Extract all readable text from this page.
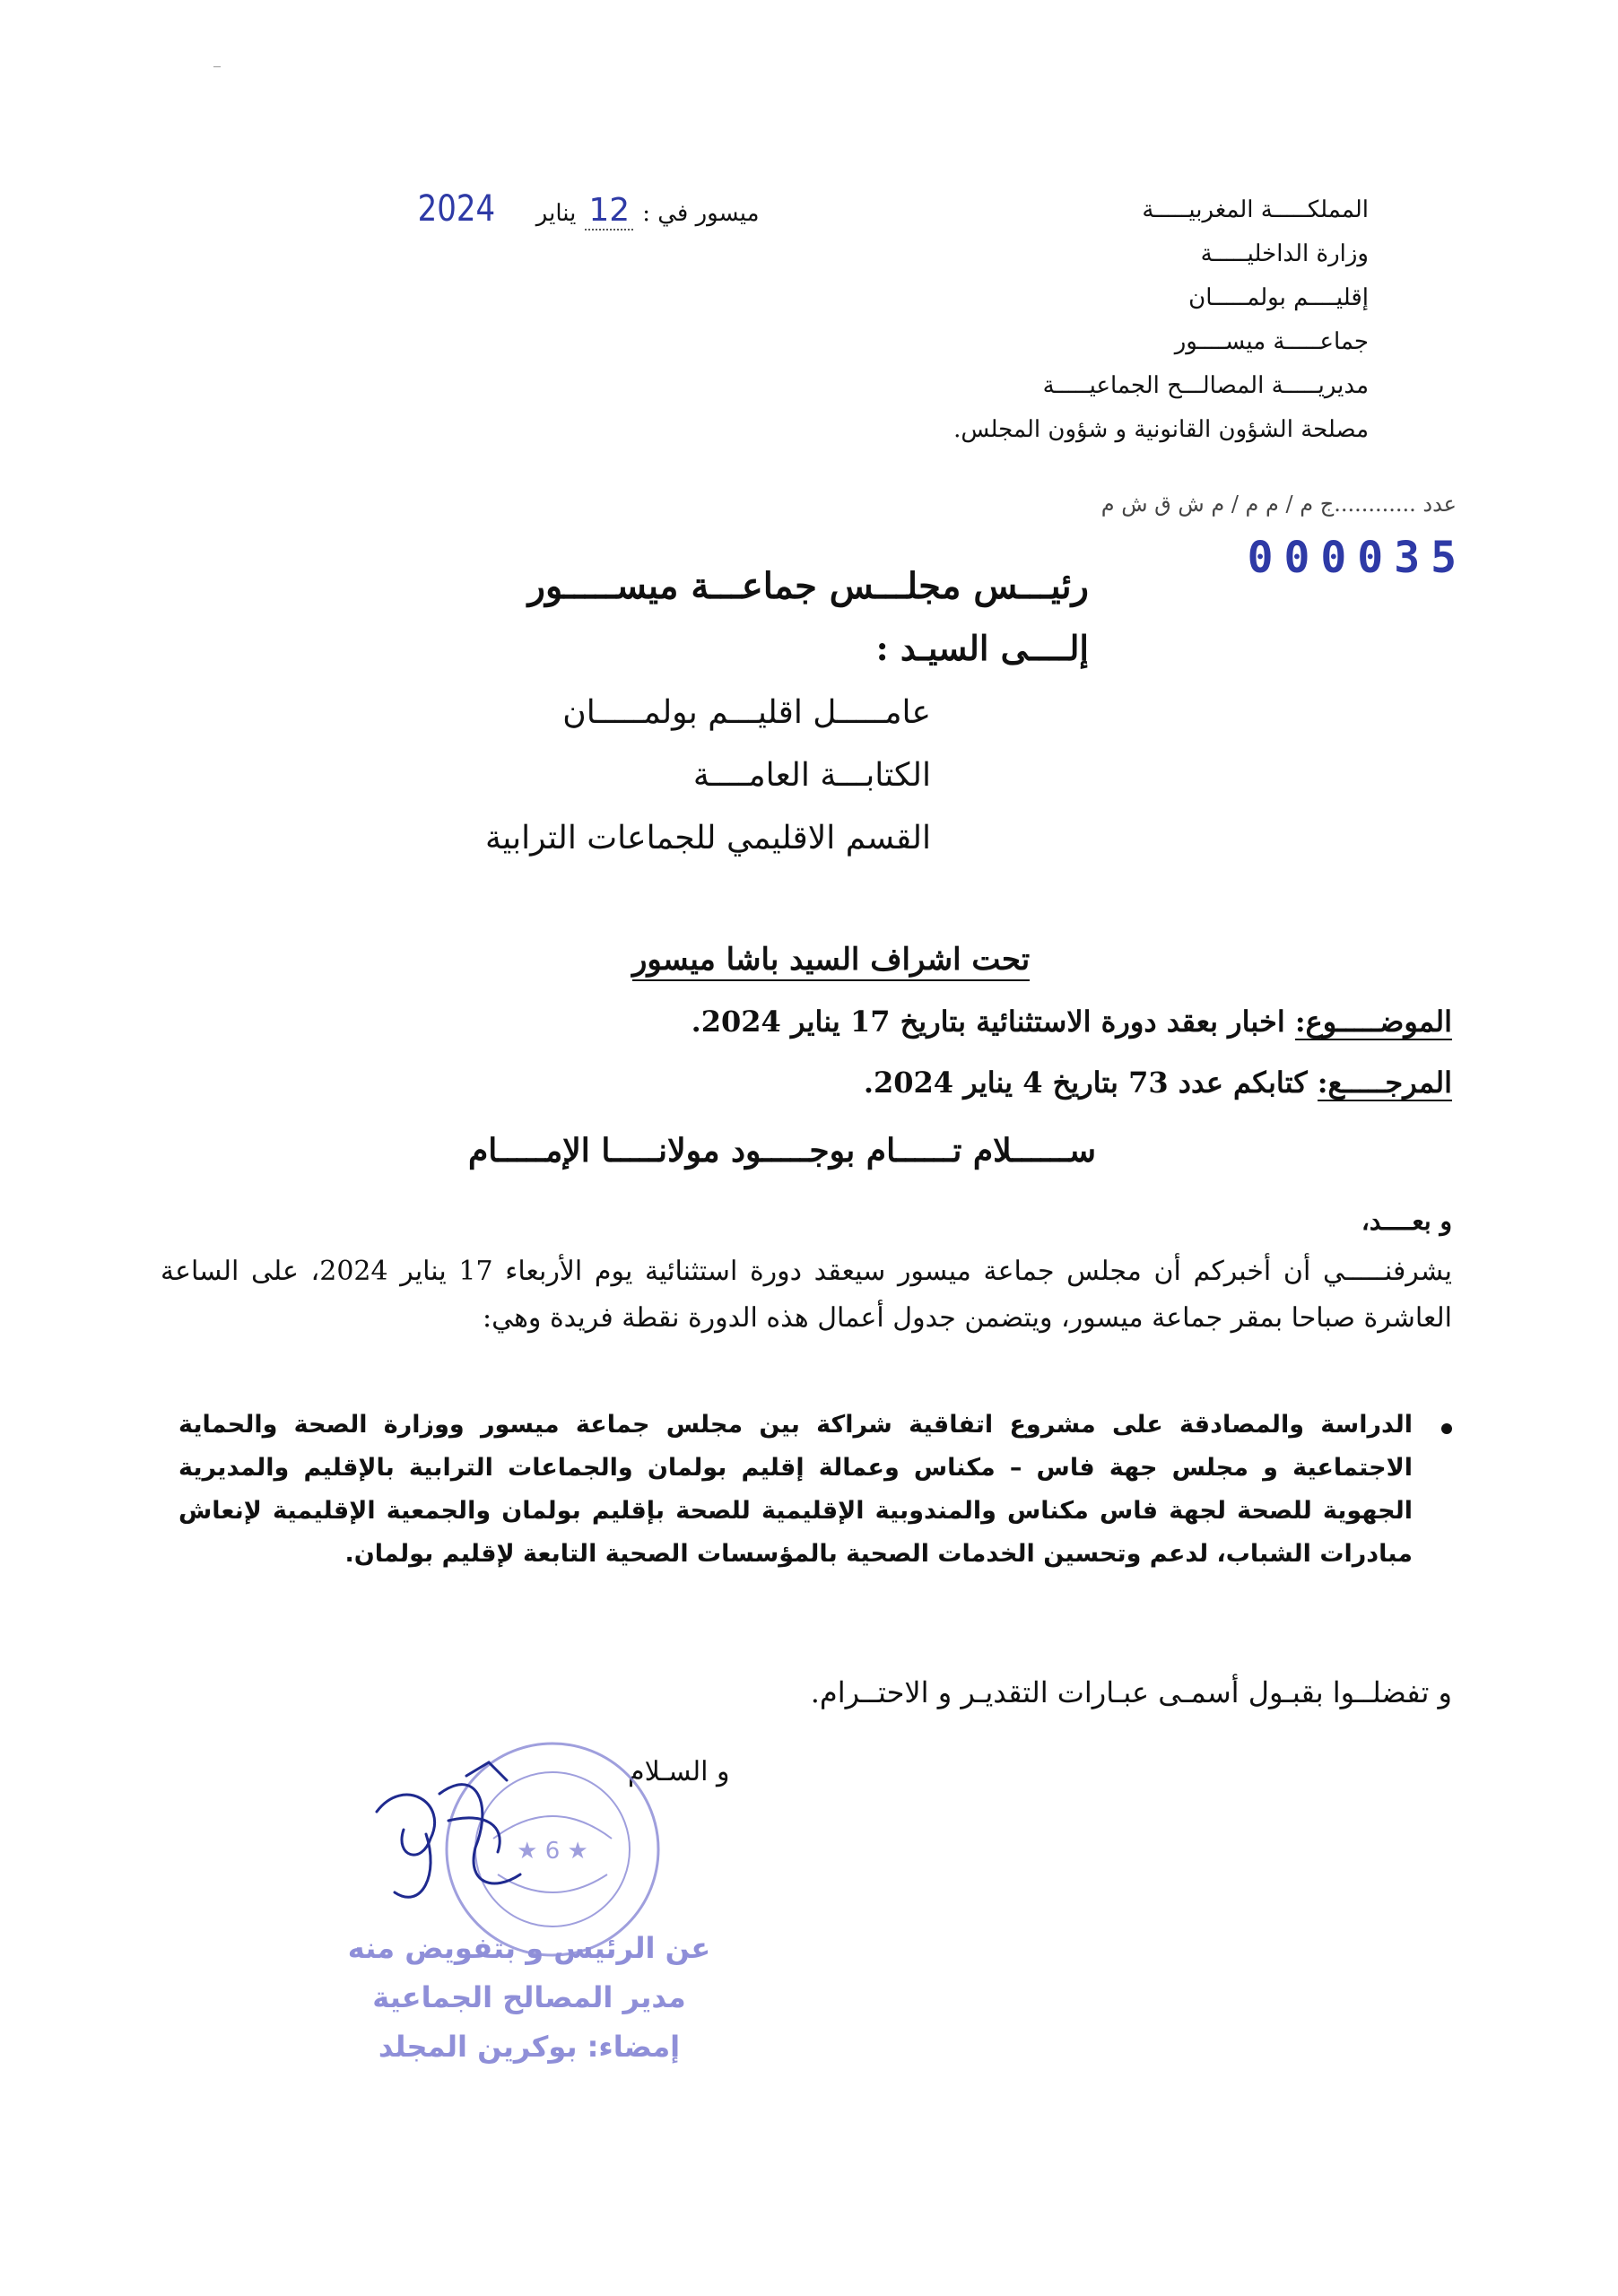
المملكـــــة المغربيـــــة
وزارة الداخليـــــة
إقليــــم بولمـــــان
جماعـــــة ميســــور
مديريـــــة المصالـــح الجماعيـــــة
مصلحة الشؤون القانونية و شؤون المجلس.
عدد ............ج م / م م / م ش ق ش م
000035
ميسور في :
12
يناير
2024
رئيـــس مجلـــس جماعـــة ميســـــور
إلــــى السيـد :
عامـــــل اقليـــم بولمـــــان
الكتابـــة العامــــة
القسم الاقليمي للجماعات الترابية
تحت اشراف السيد باشا ميسور
الموضـــــوع: اخبار بعقد دورة الاستثنائية بتاريخ 17 يناير 2024.
المرجـــــع: كتابكم عدد 73 بتاريخ 4 يناير 2024.
ســــــلام تــــــام بوجـــــود مولانـــــا الإمـــــام
و بعــــد،
يشرفنـــــي أن أخبركم أن مجلس جماعة ميسور سيعقد دورة استثنائية يوم الأربعاء 17 يناير 2024، على الساعة العاشرة صباحا بمقر جماعة ميسور، ويتضمن جدول أعمال هذه الدورة نقطة فريدة وهي:
الدراسة والمصادقة على مشروع اتفاقية شراكة بين مجلس جماعة ميسور ووزارة الصحة والحماية الاجتماعية و مجلس جهة فاس – مكناس وعمالة إقليم بولمان والجماعات الترابية بالإقليم والمديرية الجهوية للصحة لجهة فاس مكناس والمندوبية الإقليمية للصحة بإقليم بولمان والجمعية الإقليمية لإنعاش مبادرات الشباب، لدعم وتحسين الخدمات الصحية بالمؤسسات الصحية التابعة لإقليم بولمان.
و تفضلــوا بقبـول أسمـى عبـارات التقديـر و الاحتــرام.
و السـلام
★ 6 ★
عن الرئيس و بتفويض منه
مدير المصالح الجماعية
إمضاء: بوكرين المجلد
